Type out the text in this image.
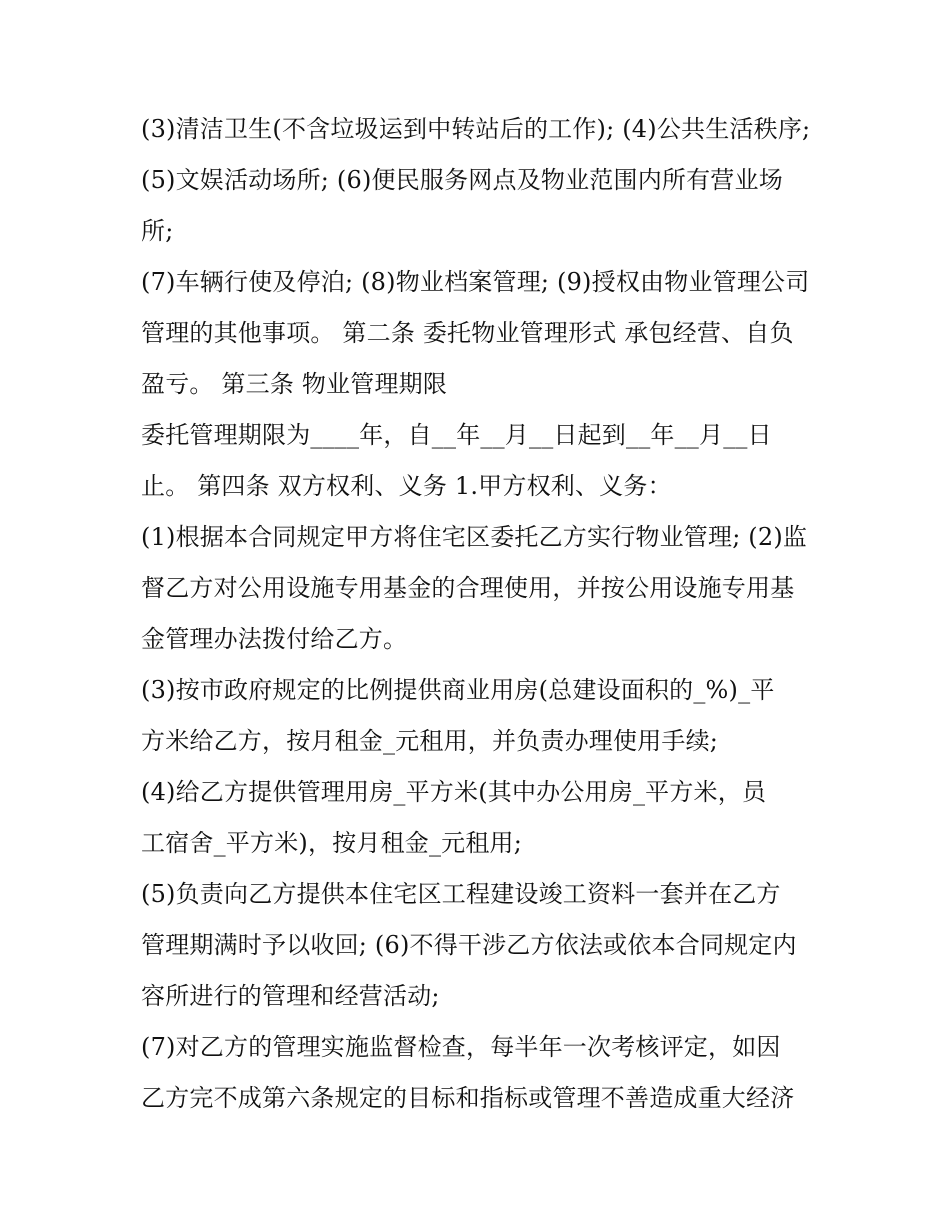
(3)清洁卫生(不含垃圾运到中转站后的工作); (4)公共生活秩序;
(5)文娱活动场所; (6)便民服务网点及物业范围内所有营业场
所;
(7)车辆行使及停泊; (8)物业档案管理; (9)授权由物业管理公司
管理的其他事项。 第二条 委托物业管理形式 承包经营、自负
盈亏。 第三条 物业管理期限
委托管理期限为____年，自__年__月__日起到__年__月__日
止。 第四条 双方权利、义务 1.甲方权利、义务：
(1)根据本合同规定甲方将住宅区委托乙方实行物业管理; (2)监
督乙方对公用设施专用基金的合理使用，并按公用设施专用基
金管理办法拨付给乙方。
(3)按市政府规定的比例提供商业用房(总建设面积的_%)_平
方米给乙方，按月租金_元租用，并负责办理使用手续;
(4)给乙方提供管理用房_平方米(其中办公用房_平方米，员
工宿舍_平方米)，按月租金_元租用;
(5)负责向乙方提供本住宅区工程建设竣工资料一套并在乙方
管理期满时予以收回; (6)不得干涉乙方依法或依本合同规定内
容所进行的管理和经营活动;
(7)对乙方的管理实施监督检查，每半年一次考核评定，如因
乙方完不成第六条规定的目标和指标或管理不善造成重大经济
